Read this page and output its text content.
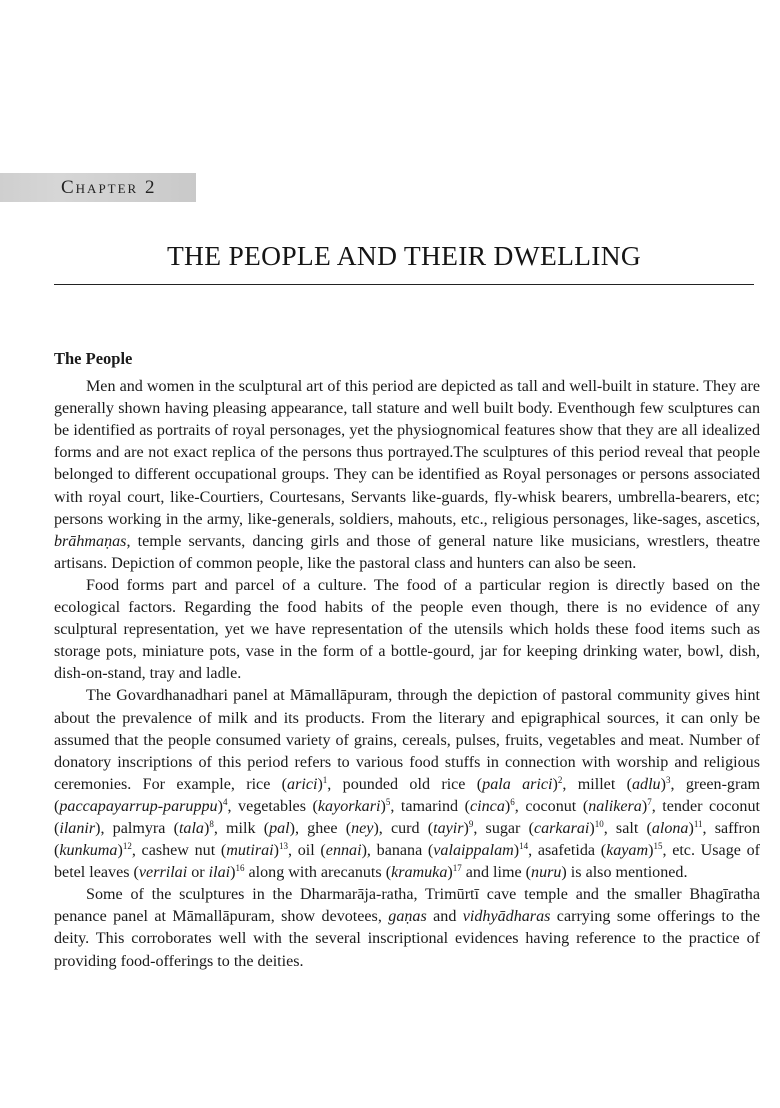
Chapter 2
THE PEOPLE AND THEIR DWELLING
The People

Men and women in the sculptural art of this period are depicted as tall and well-built in stature. They are generally shown having pleasing appearance, tall stature and well built body. Eventhough few sculptures can be identified as portraits of royal personages, yet the physiognomical features show that they are all idealized forms and are not exact replica of the persons thus portrayed.The sculptures of this period reveal that people belonged to different occupational groups. They can be identified as Royal personages or persons associated with royal court, like-Courtiers, Courtesans, Servants like-guards, fly-whisk bearers, umbrella-bearers, etc; persons working in the army, like-generals, soldiers, mahouts, etc., religious personages, like-sages, ascetics, brāhmaṇas, temple servants, dancing girls and those of general nature like musicians, wrestlers, theatre artisans. Depiction of common people, like the pastoral class and hunters can also be seen.

Food forms part and parcel of a culture. The food of a particular region is directly based on the ecological factors. Regarding the food habits of the people even though, there is no evidence of any sculptural representation, yet we have representation of the utensils which holds these food items such as storage pots, miniature pots, vase in the form of a bottle-gourd, jar for keeping drinking water, bowl, dish, dish-on-stand, tray and ladle.

The Govardhanadhari panel at Māmallāpuram, through the depiction of pastoral community gives hint about the prevalence of milk and its products. From the literary and epigraphical sources, it can only be assumed that the people consumed variety of grains, cereals, pulses, fruits, vegetables and meat. Number of donatory inscriptions of this period refers to various food stuffs in connection with worship and religious ceremonies. For example, rice (arici)$^1$, pounded old rice (pala arici)$^2$, millet (adlu)$^3$, green-gram (paccapayarrup-paruppu)$^4$, vegetables (kayorkari)$^5$, tamarind (cinca)$^6$, coconut (nalikera)$^7$, tender coconut (ilanir), palmyra (tala)$^8$, milk (pal), ghee (ney), curd (tayir)$^9$, sugar (carkarai)$^{10}$, salt (alona)$^{11}$, saffron (kunkuma)$^{12}$, cashew nut (mutirai)$^{13}$, oil (ennai), banana (valaippalam)$^{14}$, asafetida (kayam)$^{15}$, etc. Usage of betel leaves (verrilai or ilai)$^{16}$ along with arecanuts (kramuka)$^{17}$ and lime (nuru) is also mentioned.

Some of the sculptures in the Dharmarāja-ratha, Trimūrtī cave temple and the smaller Bhagīratha penance panel at Māmallāpuram, show devotees, gaṇas and vidhyādharas carrying some offerings to the deity. This corroborates well with the several inscriptional evidences having reference to the practice of providing food-offerings to the deities.
